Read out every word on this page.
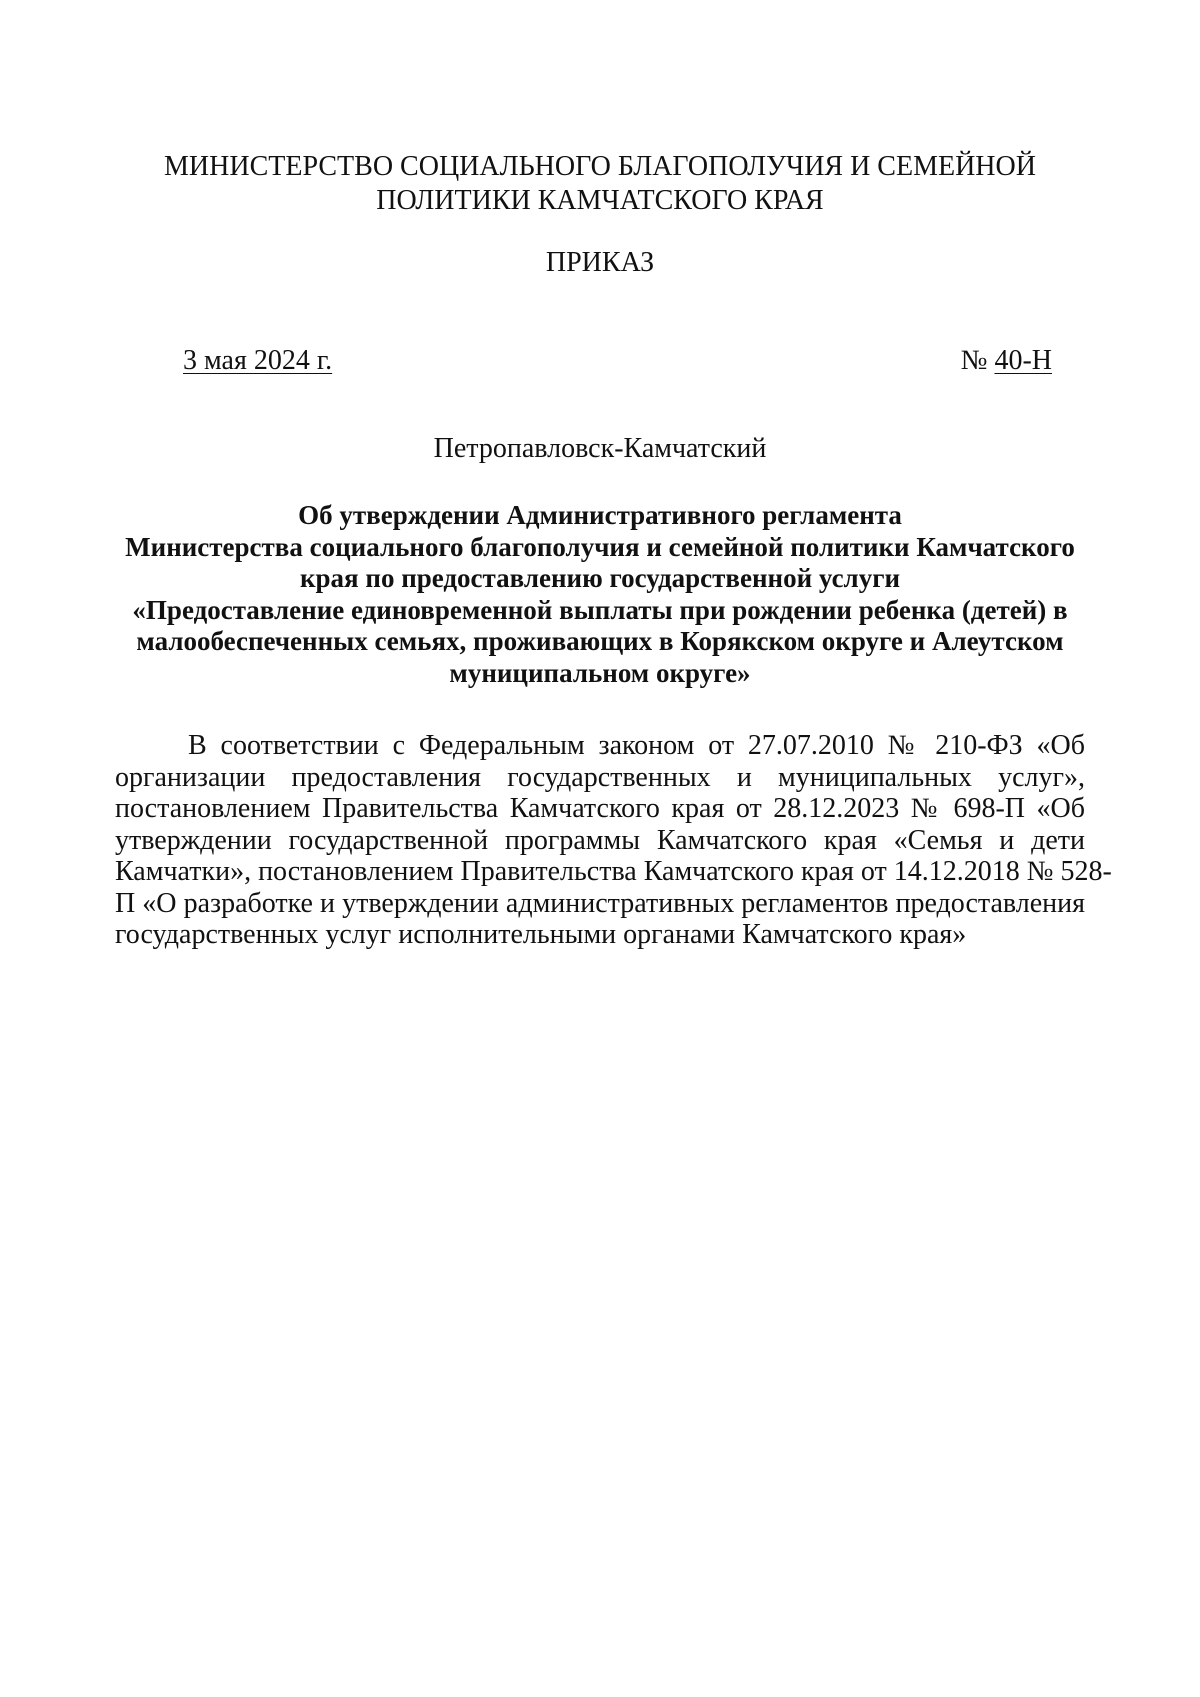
МИНИСТЕРСТВО СОЦИАЛЬНОГО БЛАГОПОЛУЧИЯ И СЕМЕЙНОЙ
ПОЛИТИКИ КАМЧАТСКОГО КРАЯ
ПРИКАЗ
3 мая 2024 г.	№ 40-Н
Петропавловск-Камчатский
Об утверждении Административного регламента
Министерства социального благополучия и семейной политики Камчатского
края по предоставлению государственной услуги
«Предоставление единовременной выплаты при рождении ребенка (детей) в
малообеспеченных семьях, проживающих в Корякском округе и Алеутском
муниципальном округе»
В соответствии с Федеральным законом от 27.07.2010 № 210-ФЗ «Об
организации предоставления государственных и муниципальных услуг»,
постановлением Правительства Камчатского края от 28.12.2023 № 698-П «Об
утверждении государственной программы Камчатского края «Семья и дети
Камчатки», постановлением Правительства Камчатского края от 14.12.2018 № 528-
П «О разработке и утверждении административных регламентов предоставления
государственных услуг исполнительными органами Камчатского края»
